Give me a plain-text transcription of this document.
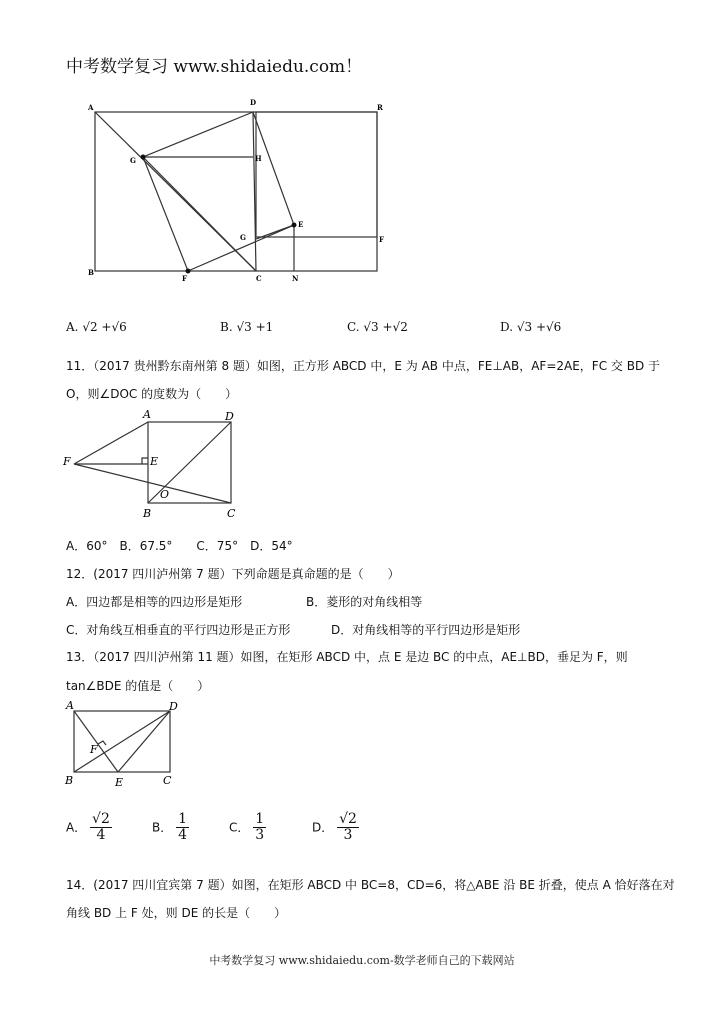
中考数学复习 www.shidaiedu.com！
A
D
R
G	H
G
E
F
B
F	C	N
A. √2 +√6	B. √3 +1	C. √3 +√2	D. √3 +√6
11．（2017 贵州黔东南州第 8 题）如图，正方形 ABCD 中，E 为 AB 中点，FE⊥AB，AF=2AE，FC 交 BD 于
O，则∠DOC 的度数为（　　）
A	D
F	E
O
B	C
A．60°　B．67.5°　　C．75°　D．54°
12．(2017 四川泸州第 7 题）下列命题是真命题的是（　　）
A．四边都是相等的四边形是矩形	B．菱形的对角线相等
C．对角线互相垂直的平行四边形是正方形	D．对角线相等的平行四边形是矩形
13．（2017 四川泸州第 11 题）如图，在矩形 ABCD 中，点 E 是边 BC 的中点，AE⊥BD，垂足为 F，则
tan∠BDE 的值是（　　）
A	D
F
B	E	C
A． $\frac{√2}{4}$	B． $\frac{1}{4}$	C． $\frac{1}{3}$	D． $\frac{√2}{3}$
14．(2017 四川宜宾第 7 题）如图，在矩形 ABCD 中 BC=8，CD=6，将△ABE 沿 BE 折叠，使点 A 恰好落在对
角线 BD 上 F 处，则 DE 的长是（　　）
中考数学复习 www.shidaiedu.com-数学老师自己的下载网站
